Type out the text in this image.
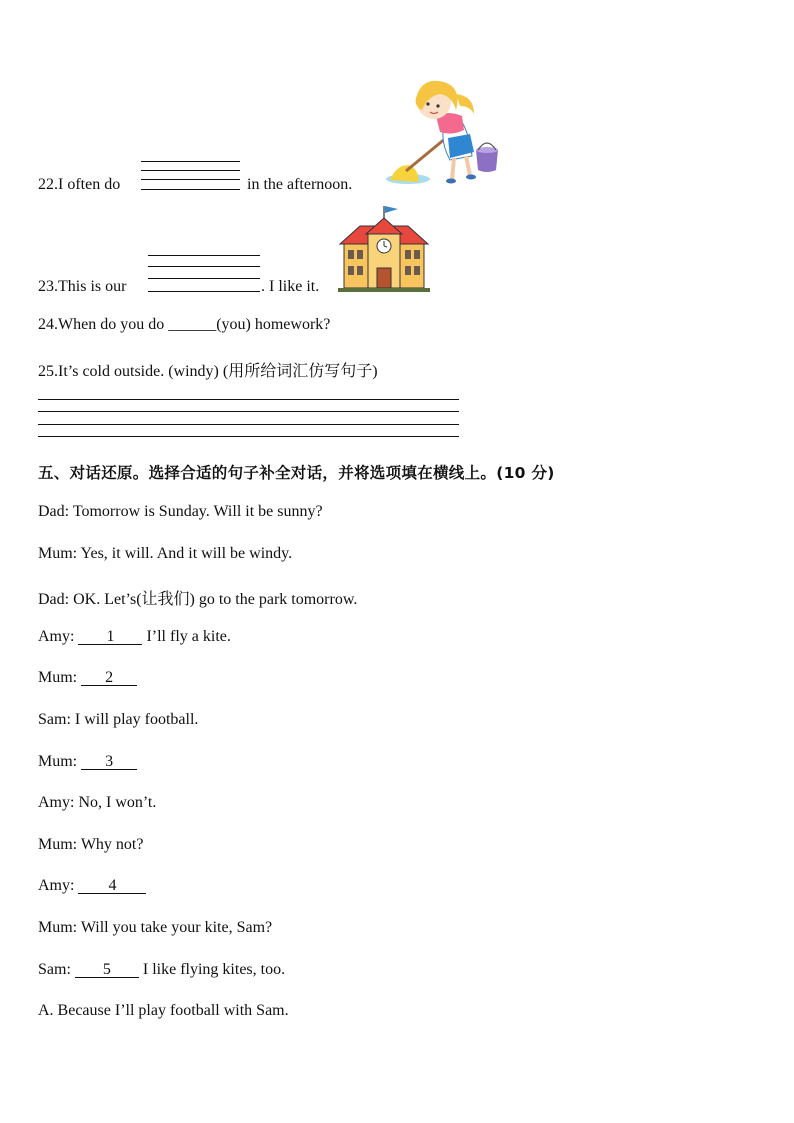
22.I often do	in the afternoon.
23.This is our	. I like it.
24.When do you do ______(you) homework?
25.It’s cold outside. (windy) (用所给词汇仿写句子)
五、对话还原。选择合适的句子补全对话，并将选项填在横线上。(10 分)
Dad: Tomorrow is Sunday. Will it be sunny?
Mum: Yes, it will. And it will be windy.
Dad: OK. Let’s(让我们) go to the park tomorrow.
Amy: 1 I’ll fly a kite.
Mum: 2
Sam: I will play football.
Mum: 3
Amy: No, I won’t.
Mum: Why not?
Amy: 4
Mum: Will you take your kite, Sam?
Sam: 5 I like flying kites, too.
A. Because I’ll play football with Sam.
